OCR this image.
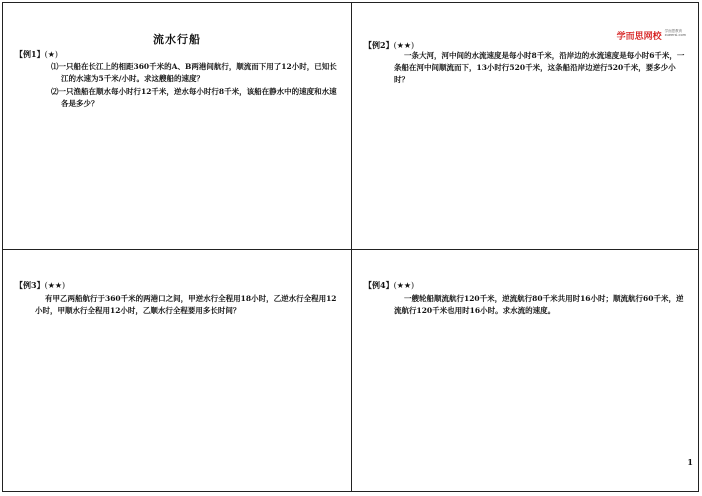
流水行船
【例1】(★)
⑴一只船在长江上的相距360千米的A、B两港间航行，顺流而下用了12小时，已知长江的水速为5千米/小时。求这艘船的速度？
⑵一只渔船在顺水每小时行12千米，逆水每小时行8千米，该船在静水中的速度和水速各是多少？
【例2】(★★)
学而思网校
学而思教育
xueersi.com
一条大河，河中间的水流速度是每小时8千米，沿岸边的水流速度是每小时6千米，一条船在河中间顺流而下，13小时行520千米，这条船沿岸边逆行520千米，要多少小时？
【例3】(★★)
有甲乙两船航行于360千米的两港口之间，甲逆水行全程用18小时，乙逆水行全程用12小时，甲顺水行全程用12小时，乙顺水行全程要用多长时间？
【例4】(★★)
一艘轮船顺流航行120千米，逆流航行80千米共用时16小时；顺流航行60千米，逆流航行120千米也用时16小时。求水流的速度。
1
